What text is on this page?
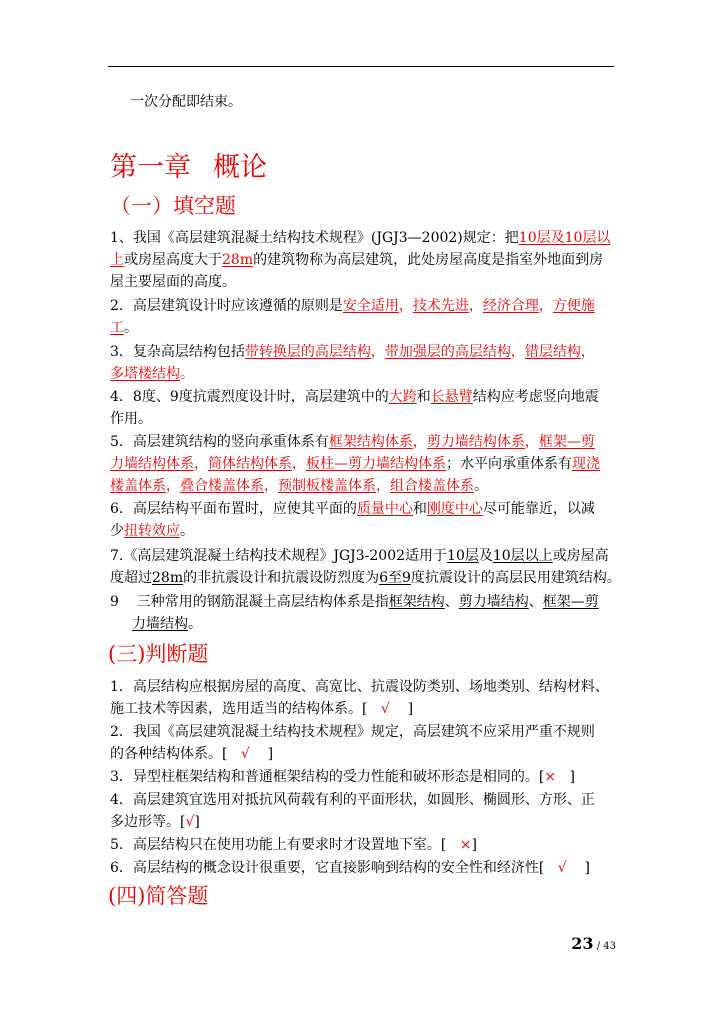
一次分配即结束。
第一章 概论
（一）填空题
1、我国《高层建筑混凝土结构技术规程》(JGJ3—2002)规定：把10层及10层以
上或房屋高度大于28m的建筑物称为高层建筑，此处房屋高度是指室外地面到房
屋主要屋面的高度。
2．高层建筑设计时应该遵循的原则是安全适用，技术先进，经济合理，方便施
工。
3．复杂高层结构包括带转换层的高层结构，带加强层的高层结构，错层结构，
多塔楼结构。
4．8度、9度抗震烈度设计时，高层建筑中的大跨和长悬臂结构应考虑竖向地震
作用。
5．高层建筑结构的竖向承重体系有框架结构体系，剪力墙结构体系，框架—剪
力墙结构体系，筒体结构体系，板柱—剪力墙结构体系；水平向承重体系有现浇
楼盖体系，叠合楼盖体系，预制板楼盖体系，组合楼盖体系。
6．高层结构平面布置时，应使其平面的质量中心和刚度中心尽可能靠近，以减
少扭转效应。
7.《高层建筑混凝土结构技术规程》JGJ3-2002适用于10层及10层以上或房屋高
度超过28m的非抗震设计和抗震设防烈度为6至9度抗震设计的高层民用建筑结构。
9 三种常用的钢筋混凝土高层结构体系是指框架结构、剪力墙结构、框架—剪
力墙结构。
(三)判断题
1．高层结构应根据房屋的高度、高宽比、抗震设防类别、场地类别、结构材料、
施工技术等因素，选用适当的结构体系。[ √ ]
2．我国《高层建筑混凝土结构技术规程》规定，高层建筑不应采用严重不规则
的各种结构体系。[ √ ]
3．异型柱框架结构和普通框架结构的受力性能和破坏形态是相同的。[× ]
4．高层建筑宜选用对抵抗风荷载有利的平面形状，如圆形、椭圆形、方形、正
多边形等。[√]
5．高层结构只在使用功能上有要求时才设置地下室。[ ×]
6．高层结构的概念设计很重要，它直接影响到结构的安全性和经济性[ √ ]
(四)简答题
23 / 43
